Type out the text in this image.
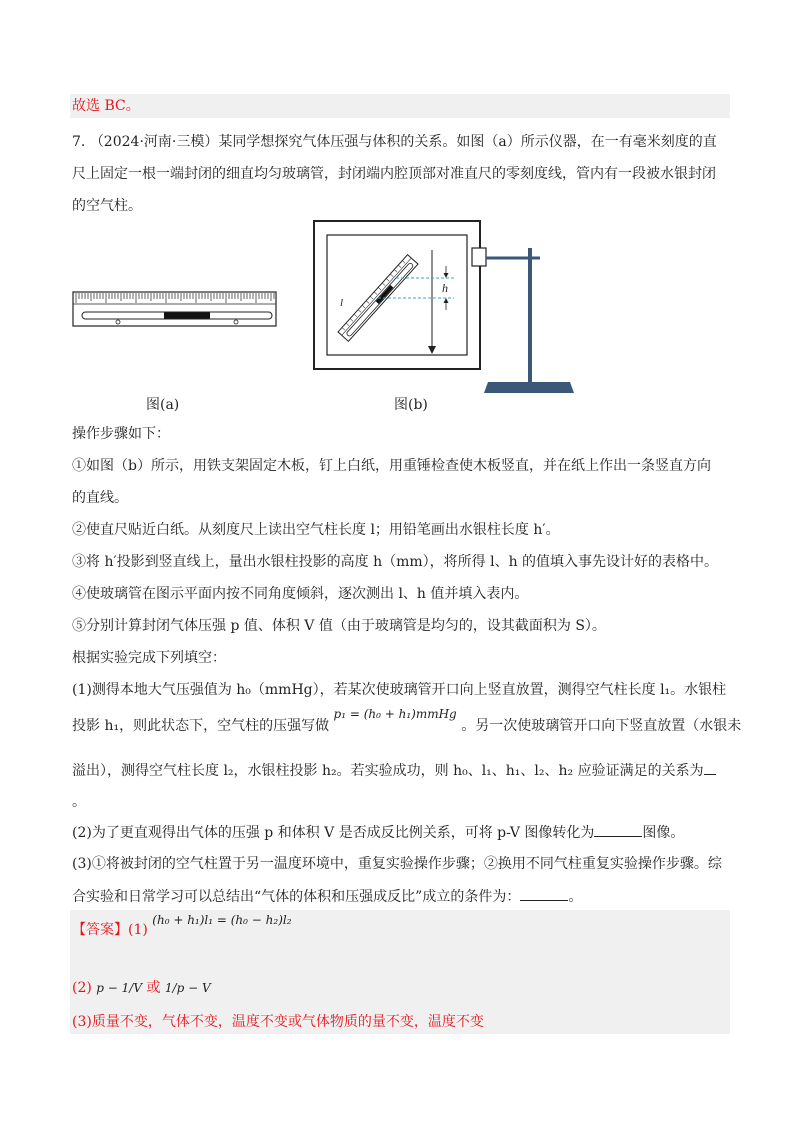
故选 BC。
7. （2024·河南·三模）某同学想探究气体压强与体积的关系。如图（a）所示仪器，在一有毫米刻度的直
尺上固定一根一端封闭的细直均匀玻璃管，封闭端内腔顶部对准直尺的零刻度线，管内有一段被水银封闭
的空气柱。
图(a)
h
l
图(b)
操作步骤如下：
①如图（b）所示，用铁支架固定木板，钉上白纸，用重锤检查使木板竖直，并在纸上作出一条竖直方向
的直线。
②使直尺贴近白纸。从刻度尺上读出空气柱长度 l；用铅笔画出水银柱长度 h′。
③将 h′投影到竖直线上，量出水银柱投影的高度 h（mm），将所得 l、h 的值填入事先设计好的表格中。
④使玻璃管在图示平面内按不同角度倾斜，逐次测出 l、h 值并填入表内。
⑤分别计算封闭气体压强 p 值、体积 V 值（由于玻璃管是均匀的，设其截面积为 S）。
根据实验完成下列填空：
(1)测得本地大气压强值为 h₀（mmHg），若某次使玻璃管开口向上竖直放置，测得空气柱长度 l₁。水银柱
投影 h₁，则此状态下，空气柱的压强写做 p₁ = (h₀ + h₁)mmHg 。另一次使玻璃管开口向下竖直放置（水银未
溢出），测得空气柱长度 l₂，水银柱投影 h₂。若实验成功，则 h₀、l₁、h₁、l₂、h₂ 应验证满足的关系为
。
(2)为了更直观得出气体的压强 p 和体积 V 是否成反比例关系，可将 p-V 图像转化为	图像。
(3)①将被封闭的空气柱置于另一温度环境中，重复实验操作步骤；②换用不同气柱重复实验操作步骤。综
合实验和日常学习可以总结出“气体的体积和压强成反比”成立的条件为：	。
【答案】(1) (h₀ + h₁)l₁ = (h₀ − h₂)l₂
(2) p − 1/V 或 1/p − V
(3)质量不变，气体不变，温度不变或气体物质的量不变，温度不变
